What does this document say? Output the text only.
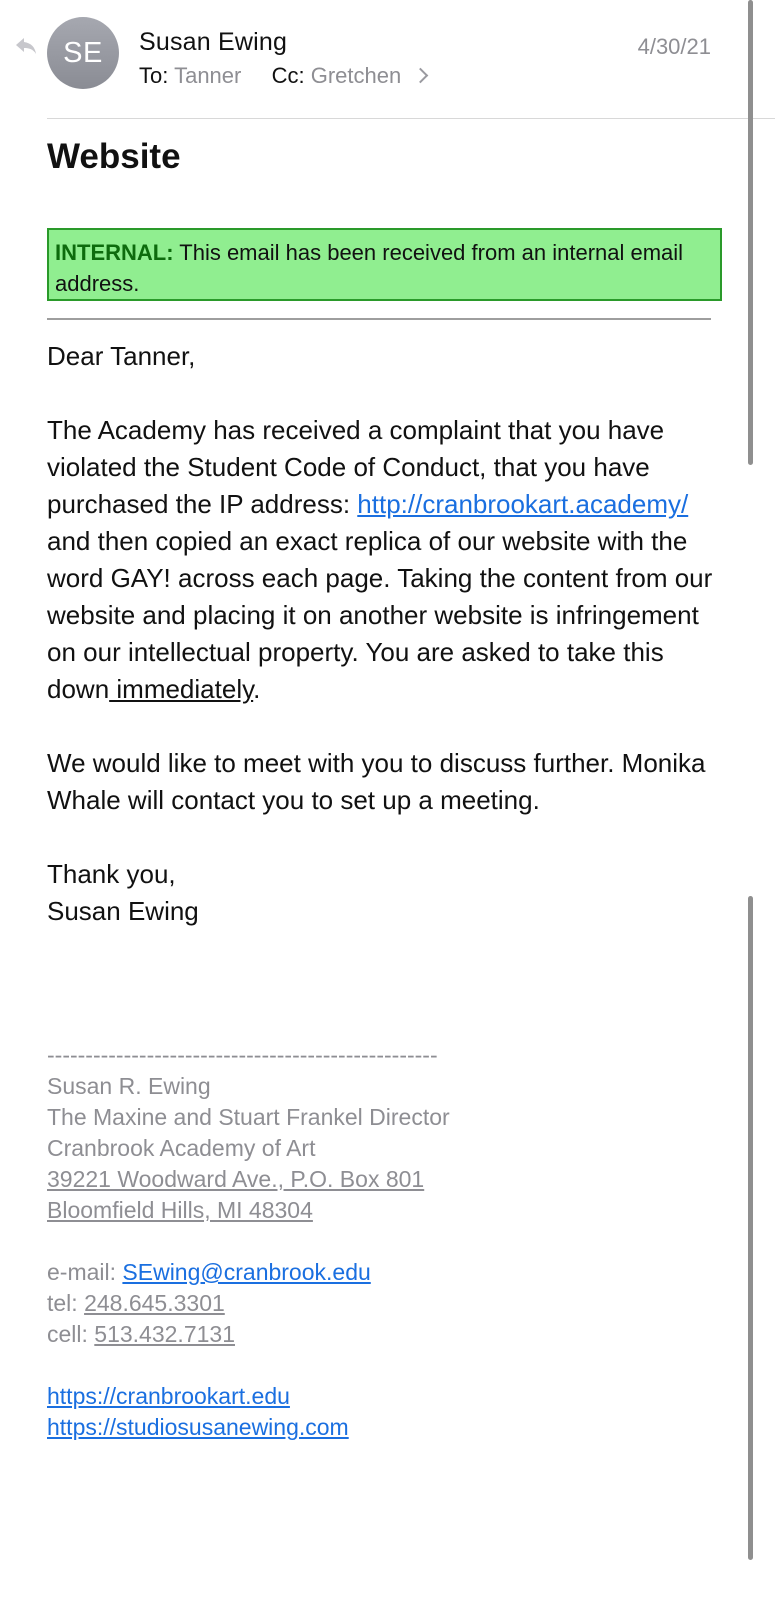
SE Susan Ewing	4/30/21
To: Tanner Cc: Gretchen
Website
INTERNAL: This email has been received from an internal email address.

Dear Tanner,

The Academy has received a complaint that you have violated the Student Code of Conduct, that you have purchased the IP address: http://cranbrookart.academy/ and then copied an exact replica of our website with the word GAY! across each page. Taking the content from our website and placing it on another website is infringement on our intellectual property. You are asked to take this down immediately.

We would like to meet with you to discuss further. Monika Whale will contact you to set up a meeting.

Thank you,

Susan Ewing

---------------------------------------------------

Susan R. Ewing

The Maxine and Stuart Frankel Director

Cranbrook Academy of Art

39221 Woodward Ave., P.O. Box 801

Bloomfield Hills, MI 48304

e-mail: SEwing@cranbrook.edu

tel: 248.645.3301

cell: 513.432.7131

https://cranbrookart.edu

https://studiosusanewing.com
